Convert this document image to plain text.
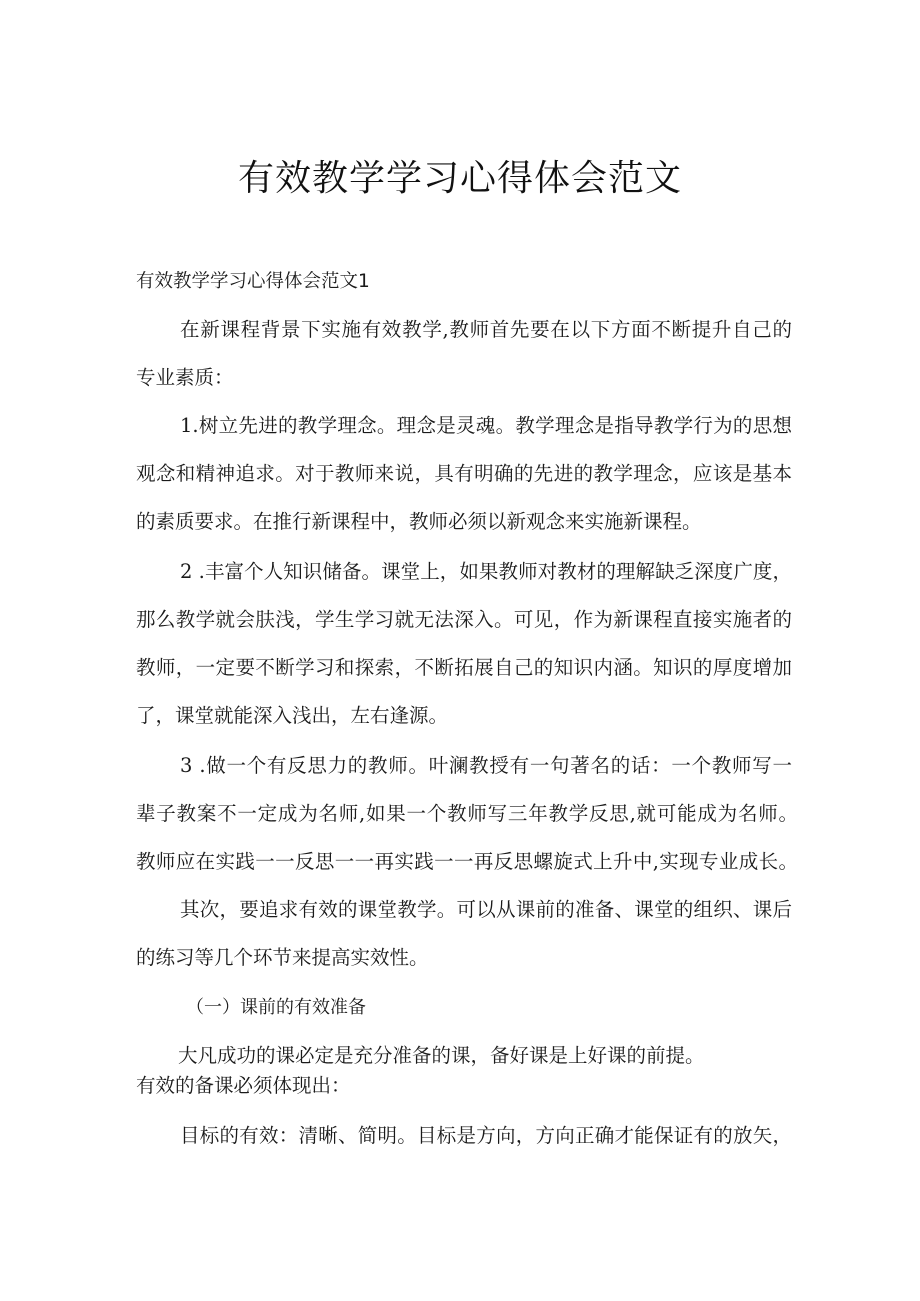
有效教学学习心得体会范文
有效教学学习心得体会范文1
在新课程背景下实施有效教学,教师首先要在以下方面不断提升自己的
专业素质：
1.树立先进的教学理念。理念是灵魂。教学理念是指导教学行为的思想
观念和精神追求。对于教师来说，具有明确的先进的教学理念，应该是基本
的素质要求。在推行新课程中，教师必须以新观念来实施新课程。
2 .丰富个人知识储备。课堂上，如果教师对教材的理解缺乏深度广度，
那么教学就会肤浅，学生学习就无法深入。可见，作为新课程直接实施者的
教师，一定要不断学习和探索，不断拓展自己的知识内涵。知识的厚度增加
了，课堂就能深入浅出，左右逢源。
3 .做一个有反思力的教师。叶澜教授有一句著名的话：一个教师写一
辈子教案不一定成为名师,如果一个教师写三年教学反思,就可能成为名师。
教师应在实践一一反思一一再实践一一再反思螺旋式上升中,实现专业成长。
其次，要追求有效的课堂教学。可以从课前的准备、课堂的组织、课后
的练习等几个环节来提高实效性。
（一）课前的有效准备
大凡成功的课必定是充分准备的课，备好课是上好课的前提。
有效的备课必须体现出：
目标的有效：清晰、简明。目标是方向，方向正确才能保证有的放矢，
